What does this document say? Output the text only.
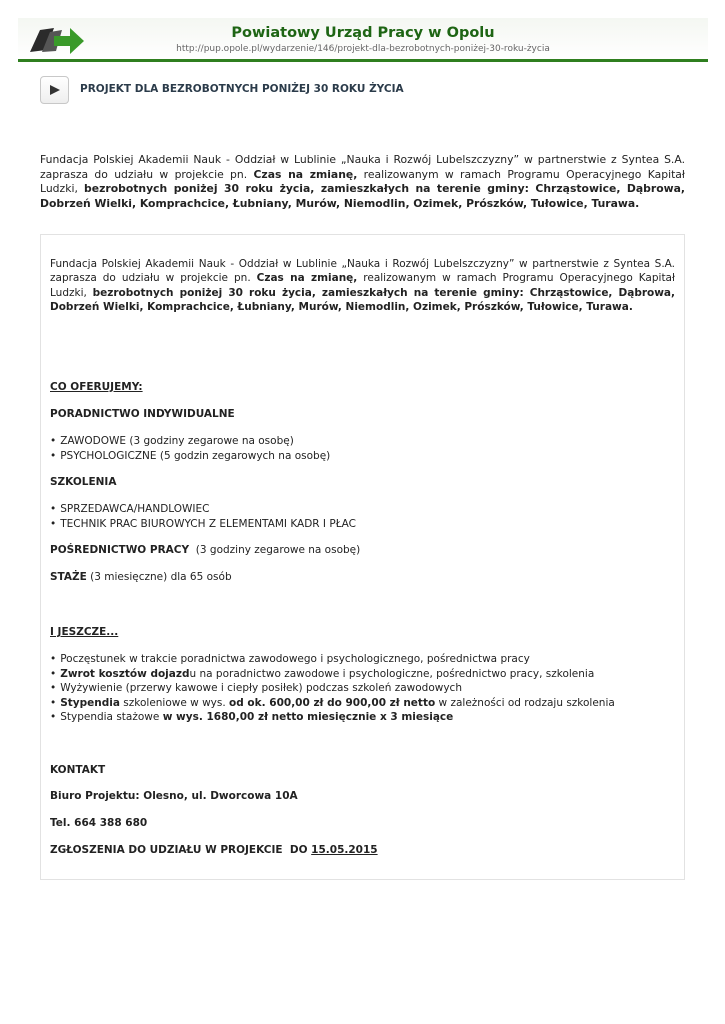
Powiatowy Urząd Pracy w Opolu
http://pup.opole.pl/wydarzenie/146/projekt-dla-bezrobotnych-poniżej-30-roku-życia
PROJEKT DLA BEZROBOTNYCH PONIŻEJ 30 ROKU ŻYCIA
Fundacja Polskiej Akademii Nauk - Oddział w Lublinie „Nauka i Rozwój Lubelszczyzny” w partnerstwie z Syntea S.A. zaprasza do udziału w projekcie pn. Czas na zmianę, realizowanym w ramach Programu Operacyjnego Kapitał Ludzki, bezrobotnych poniżej 30 roku życia, zamieszkałych na terenie gminy: Chrząstowice, Dąbrowa, Dobrzeń Wielki, Komprachcice, Łubniany, Murów, Niemodlin, Ozimek, Prószków, Tułowice, Turawa.
Fundacja Polskiej Akademii Nauk - Oddział w Lublinie „Nauka i Rozwój Lubelszczyzny” w partnerstwie z Syntea S.A. zaprasza do udziału w projekcie pn. Czas na zmianę, realizowanym w ramach Programu Operacyjnego Kapitał Ludzki, bezrobotnych poniżej 30 roku życia, zamieszkałych na terenie gminy: Chrząstowice, Dąbrowa, Dobrzeń Wielki, Komprachcice, Łubniany, Murów, Niemodlin, Ozimek, Prószków, Tułowice, Turawa.
CO OFERUJEMY:
PORADNICTWO INDYWIDUALNE
• ZAWODOWE (3 godziny zegarowe na osobę)
• PSYCHOLOGICZNE (5 godzin zegarowych na osobę)
SZKOLENIA
• SPRZEDAWCA/HANDLOWIEC
• TECHNIK PRAC BIUROWYCH Z ELEMENTAMI KADR I PŁAC
POŚREDNICTWO PRACY  (3 godziny zegarowe na osobę)
STAŻE (3 miesięczne) dla 65 osób
I JESZCZE...
• Poczęstunek w trakcie poradnictwa zawodowego i psychologicznego, pośrednictwa pracy
• Zwrot kosztów dojazdu na poradnictwo zawodowe i psychologiczne, pośrednictwo pracy, szkolenia
• Wyżywienie (przerwy kawowe i ciepły posiłek) podczas szkoleń zawodowych
• Stypendia szkoleniowe w wys. od ok. 600,00 zł do 900,00 zł netto w zależności od rodzaju szkolenia
• Stypendia stażowe w wys. 1680,00 zł netto miesięcznie x 3 miesiące
KONTAKT
Biuro Projektu: Olesno, ul. Dworcowa 10A
Tel. 664 388 680
ZGŁOSZENIA DO UDZIAŁU W PROJEKCIE  DO 15.05.2015
